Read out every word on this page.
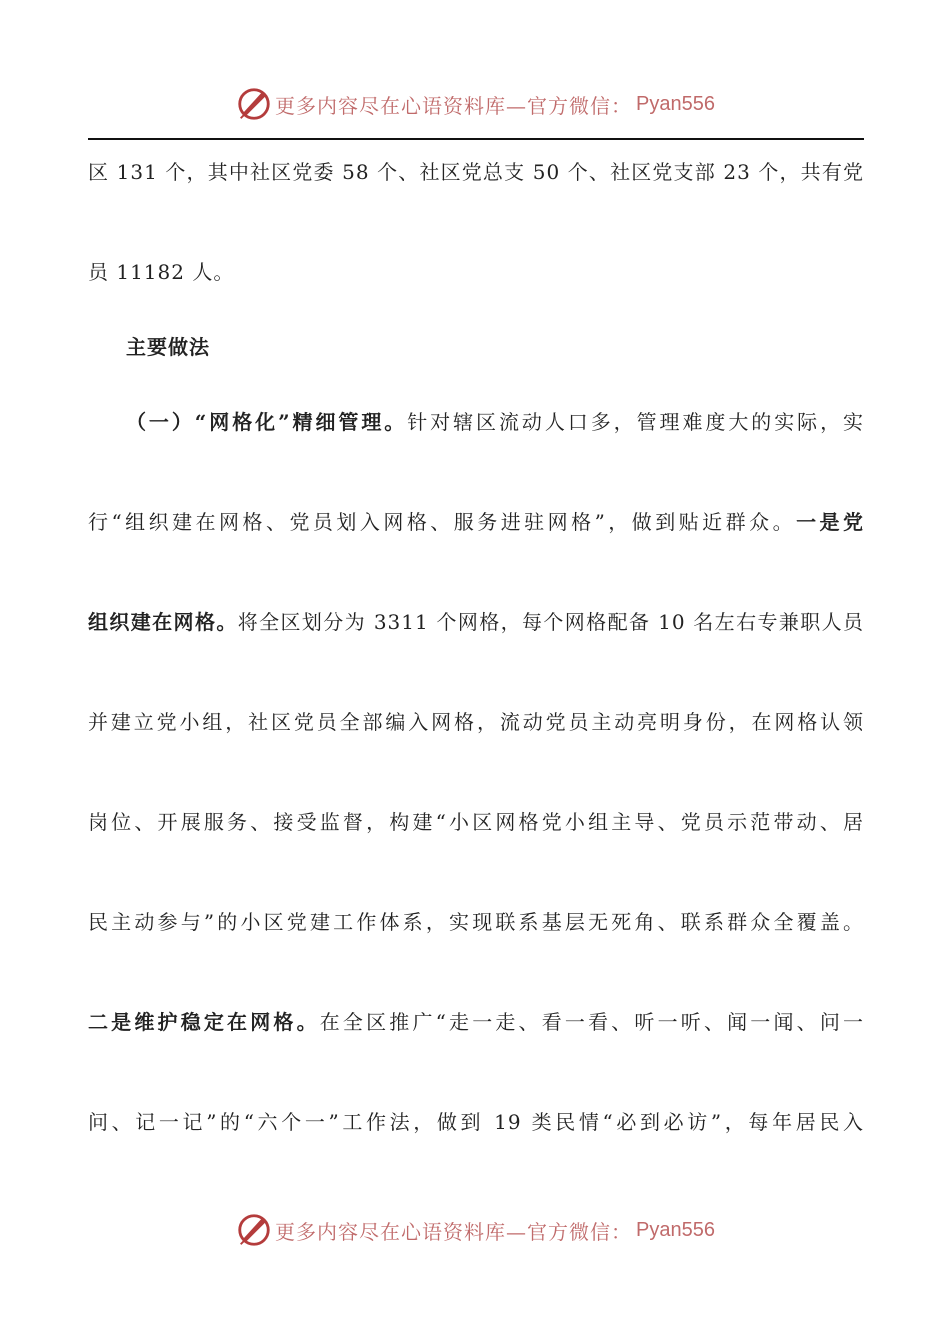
更多内容尽在心语资料库—官方微信： Pyan556
区 131 个，其中社区党委 58 个、社区党总支 50 个、社区党支部 23 个，共有党
员 11182 人。
主要做法
（一）“网格化”精细管理。针对辖区流动人口多，管理难度大的实际，实
行“组织建在网格、党员划入网格、服务进驻网格”，做到贴近群众。一是党
组织建在网格。将全区划分为 3311 个网格，每个网格配备 10 名左右专兼职人员
并建立党小组，社区党员全部编入网格，流动党员主动亮明身份，在网格认领
岗位、开展服务、接受监督，构建“小区网格党小组主导、党员示范带动、居
民主动参与”的小区党建工作体系，实现联系基层无死角、联系群众全覆盖。
二是维护稳定在网格。在全区推广“走一走、看一看、听一听、闻一闻、问一
问、记一记”的“六个一”工作法，做到 19 类民情“必到必访”，每年居民入
更多内容尽在心语资料库—官方微信： Pyan556
